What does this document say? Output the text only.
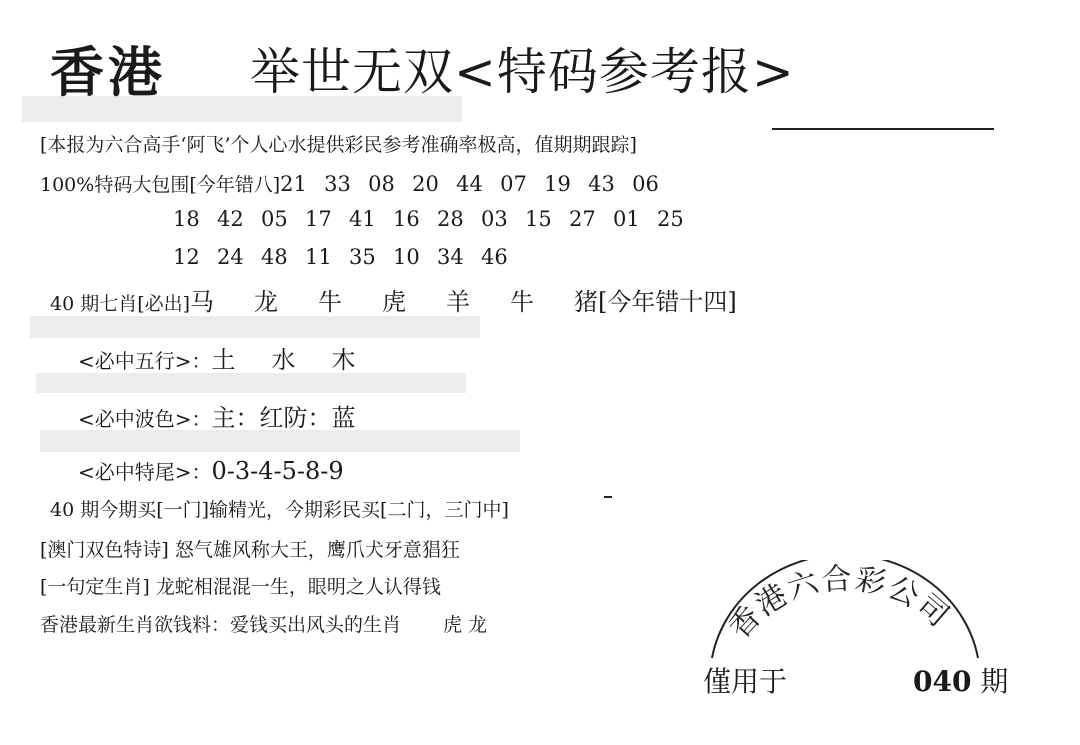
香港 举世无双<特码参考报>
[本报为六合高手‘阿飞’个人心水提供彩民参考准确率极高，值期期跟踪]
100%特码大包围[今年错八]21 33 08 20 44 07 19 43 06
18 42 05 17 41 16 28 03 15 27 01 25
12 24 48 11 35 10 34 46
40 期七肖[必出]马 龙 牛 虎 羊 牛 猪[今年错十四]
<必中五行>：土 水 木
<必中波色>：主：红防：蓝
<必中特尾>：0-3-4-5-8-9
40 期今期买[一门]输精光，今期彩民买[二门，三门中]
[澳门双色特诗] 怒气雄风称大王，鹰爪犬牙意猖狂
[一句定生肖] 龙蛇相混混一生，眼明之人认得钱
香港最新生肖欲钱料：爱钱买出风头的生肖 虎 龙	香港六合彩公司
僅用于	040 期
